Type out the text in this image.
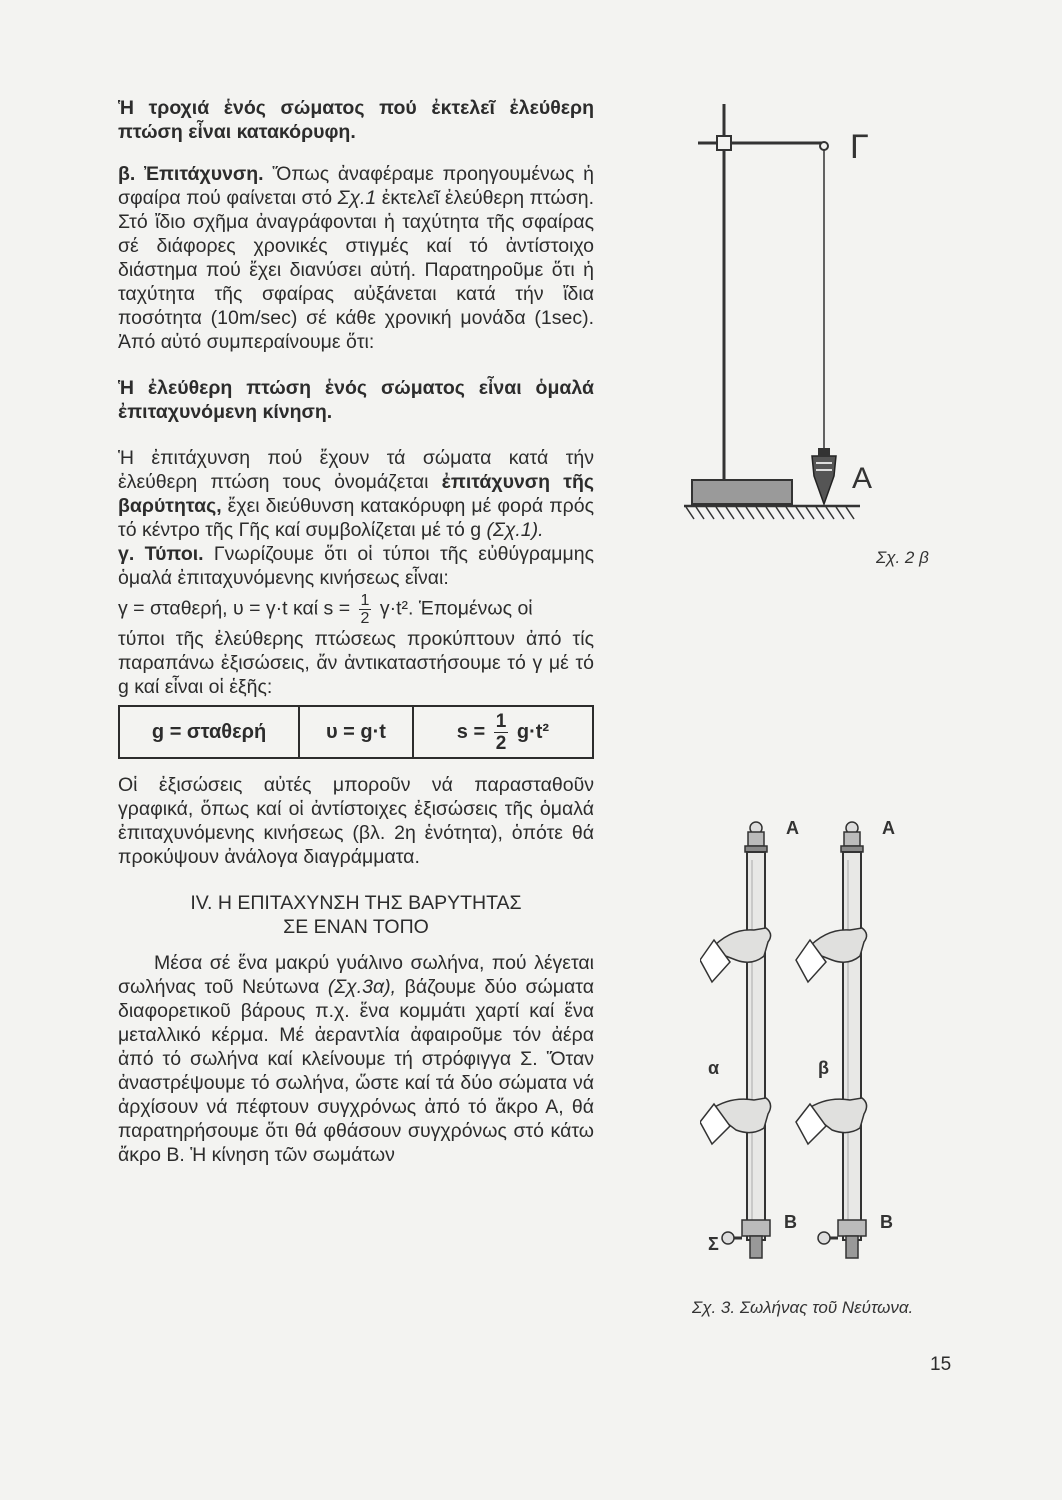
Ἡ τροχιά ἑνός σώματος πού ἐκτελεῖ ἐλεύθερη πτώση εἶναι κατακόρυφη.

β. Ἐπιτάχυνση. Ὅπως ἀναφέραμε προηγουμένως ἡ σφαίρα πού φαίνεται στό Σχ.1 ἐκτελεῖ ἐλεύθερη πτώση. Στό ἴδιο σχῆμα ἀναγράφονται ἡ ταχύτητα τῆς σφαίρας σέ διάφορες χρονικές στιγμές καί τό ἀντίστοιχο διάστημα πού ἔχει διανύσει αὐτή. Παρατηροῦμε ὅτι ἡ ταχύτητα τῆς σφαίρας αὐξάνεται κατά τήν ἴδια ποσότητα (10m/sec) σέ κάθε χρονική μονάδα (1sec). Ἀπό αὐτό συμπεραίνουμε ὅτι:

Ἡ ἐλεύθερη πτώση ἑνός σώματος εἶναι ὁμαλά ἐπιταχυνόμενη κίνηση.

Ἡ ἐπιτάχυνση πού ἔχουν τά σώματα κατά τήν ἐλεύθερη πτώση τους ὀνομάζεται ἐπιτάχυνση τῆς βαρύτητας, ἔχει διεύθυνση κατακόρυφη μέ φορά πρός τό κέντρο τῆς Γῆς καί συμβολίζεται μέ τό g (Σχ.1).

γ. Τύποι. Γνωρίζουμε ὅτι οἱ τύποι τῆς εὐθύγραμμης ὁμαλά ἐπιταχυνόμενης κινήσεως εἶναι:

γ = σταθερή, υ = γ·t καί $s = \frac{1}{2} \gamma\cdot t^2$. Ἑπομένως οἱ

τύποι τῆς ἐλεύθερης πτώσεως προκύπτουν ἀπό τίς παραπάνω ἐξισώσεις, ἄν ἀντικαταστήσουμε τό γ μέ τό g καί εἶναι οἱ ἑξῆς:

g = σταθερή	υ = g·t	$s = \frac{1}{2} g\cdot t^2$

Οἱ ἐξισώσεις αὐτές μποροῦν νά παρασταθοῦν γραφικά, ὅπως καί οἱ ἀντίστοιχες ἐξισώσεις τῆς ὁμαλά ἐπιταχυνόμενης κινήσεως (βλ. 2η ἑνότητα), ὁπότε θά προκύψουν ἀνάλογα διαγράμματα.

IV. Η ΕΠΙΤΑΧΥΝΣΗ ΤΗΣ ΒΑΡΥΤΗΤΑΣ

ΣΕ ΕΝΑΝ ΤΟΠΟ

Μέσα σέ ἕνα μακρύ γυάλινο σωλήνα, πού λέγεται σωλήνας τοῦ Νεύτωνα (Σχ.3α), βάζουμε δύο σώματα διαφορετικοῦ βάρους π.χ. ἕνα κομμάτι χαρτί καί ἕνα μεταλλικό κέρμα. Μέ ἀεραντλία ἀφαιροῦμε τόν ἀέρα ἀπό τό σωλήνα καί κλείνουμε τή στρόφιγγα Σ. Ὅταν ἀναστρέψουμε τό σωλήνα, ὥστε καί τά δύο σώματα νά ἀρχίσουν νά πέφτουν συγχρόνως ἀπό τό ἄκρο Α, θά παρατηρήσουμε ὅτι θά φθάσουν συγχρόνως στό κάτω ἄκρο Β. Ἡ κίνηση τῶν σωμάτων

Γ
Α
Σχ. 2 β
Α	Α
α	β
Β	Β
Σ
Σχ. 3. Σωλήνας τοῦ Νεύτωνα.
15
